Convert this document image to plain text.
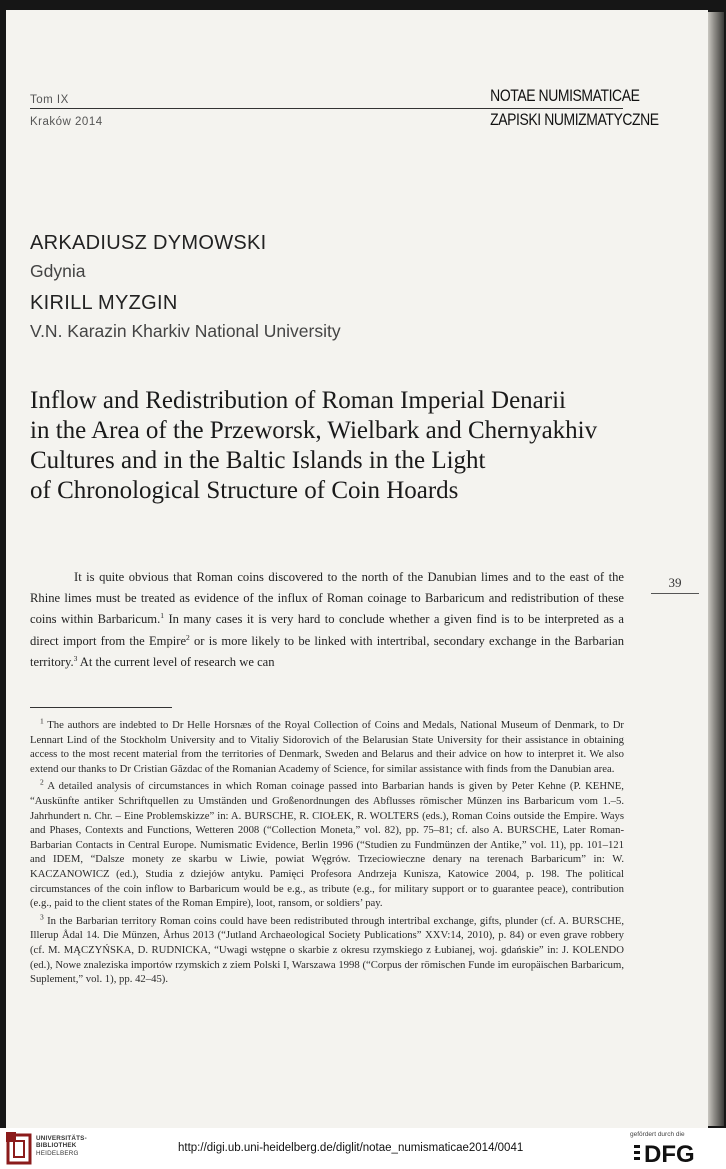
Tom IX
Kraków 2014
NOTAE NUMISMATICAE
ZAPISKI NUMIZMATYCZNE
ARKADIUSZ DYMOWSKI
Gdynia
KIRILL MYZGIN
V.N. Karazin Kharkiv National University
Inflow and Redistribution of Roman Imperial Denarii
in the Area of the Przeworsk, Wielbark and Chernyakhiv
Cultures and in the Baltic Islands in the Light
of Chronological Structure of Coin Hoards
39

It is quite obvious that Roman coins discovered to the north of the Danubian limes and to the east of the Rhine limes must be treated as evidence of the influx of Roman coinage to Barbaricum and redistribution of these coins within Barbaricum.$^1$ In many cases it is very hard to conclude whether a given find is to be interpreted as a direct import from the Empire$^2$ or is more likely to be linked with intertribal, secondary exchange in the Barbarian territory.$^3$ At the current level of research we can

$^1$ The authors are indebted to Dr Helle Horsnæs of the Royal Collection of Coins and Medals, National Museum of Denmark, to Dr Lennart Lind of the Stockholm University and to Vitaliy Sidorovich of the Belarusian State University for their assistance in obtaining access to the most recent material from the territories of Denmark, Sweden and Belarus and their advice on how to interpret it. We also extend our thanks to Dr Cristian Găzdac of the Romanian Academy of Science, for similar assistance with finds from the Danubian area.

$^2$ A detailed analysis of circumstances in which Roman coinage passed into Barbarian hands is given by Peter Kehne (P. KEHNE, “Auskünfte antiker Schriftquellen zu Umständen und Großenordnungen des Abflusses römischer Münzen ins Barbaricum vom 1.–5. Jahrhundert n. Chr. – Eine Problemskizze” in: A. BURSCHE, R. CIOŁEK, R. WOLTERS (eds.), Roman Coins outside the Empire. Ways and Phases, Contexts and Functions, Wetteren 2008 (“Collection Moneta,” vol. 82), pp. 75–81; cf. also A. BURSCHE, Later Roman-Barbarian Contacts in Central Europe. Numismatic Evidence, Berlin 1996 (“Studien zu Fundmünzen der Antike,” vol. 11), pp. 101–121 and IDEM, “Dalsze monety ze skarbu w Liwie, powiat Węgrów. Trzeciowieczne denary na terenach Barbaricum” in: W. KACZANOWICZ (ed.), Studia z dziejów antyku. Pamięci Profesora Andrzeja Kunisza, Katowice 2004, p. 198. The political circumstances of the coin inflow to Barbaricum would be e.g., as tribute (e.g., for military support or to guarantee peace), contribution (e.g., paid to the client states of the Roman Empire), loot, ransom, or soldiers’ pay.

$^3$ In the Barbarian territory Roman coins could have been redistributed through intertribal exchange, gifts, plunder (cf. A. BURSCHE, Illerup Ådal 14. Die Münzen, Århus 2013 (“Jutland Archaeological Society Publications” XXV:14, 2010), p. 84) or even grave robbery (cf. M. MĄCZYŃSKA, D. RUDNICKA, “Uwagi wstępne o skarbie z okresu rzymskiego z Łubianej, woj. gdańskie” in: J. KOLENDO (ed.), Nowe znaleziska importów rzymskich z ziem Polski I, Warszawa 1998 (“Corpus der römischen Funde im europäischen Barbaricum, Suplement,” vol. 1), pp. 42–45).

UNIVERSITÄTS-
BIBLIOTHEK
HEIDELBERG	http://digi.ub.uni-heidelberg.de/diglit/notae_numismaticae2014/0041
gefördert durch die
DFG
